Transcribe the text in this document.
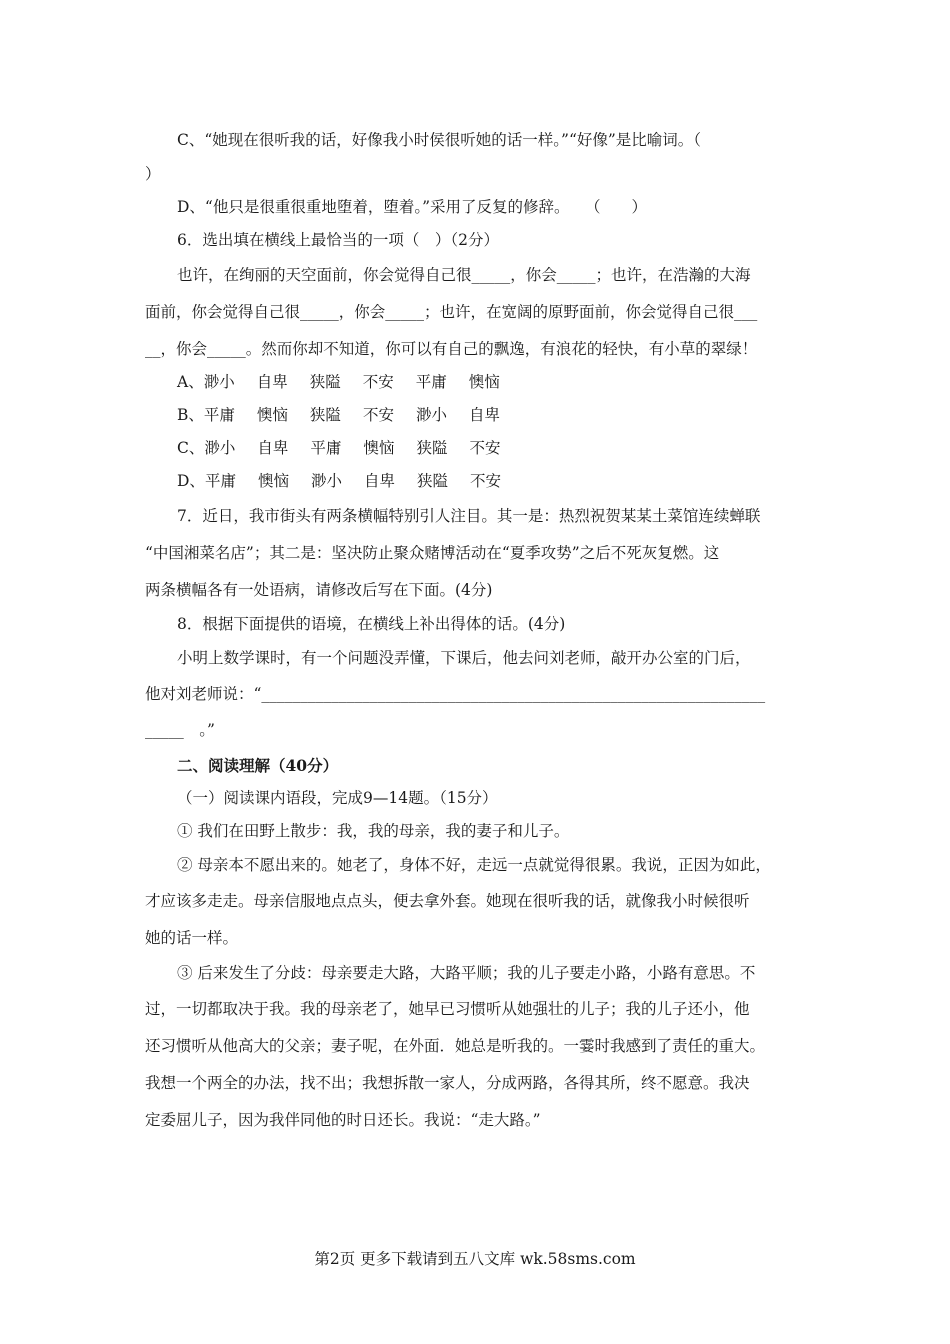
C、“她现在很听我的话，好像我小时侯很听她的话一样。”“好像”是比喻词。（
）
D、“他只是很重很重地堕着，堕着。”采用了反复的修辞。　　（　　）
6．选出填在横线上最恰当的一项（　）（2分）
也许，在绚丽的天空面前，你会觉得自己很_____，你会_____；也许，在浩瀚的大海
面前，你会觉得自己很_____，你会_____；也许，在宽阔的原野面前，你会觉得自己很___
__，你会_____。然而你却不知道，你可以有自己的飘逸，有浪花的轻快，有小草的翠绿！
A、渺小 自卑 狭隘 不安 平庸 懊恼
B、平庸 懊恼 狭隘 不安 渺小 自卑
C、渺小 自卑 平庸 懊恼 狭隘 不安
D、平庸 懊恼 渺小 自卑 狭隘 不安
7．近日，我市街头有两条横幅特别引人注目。其一是：热烈祝贺某某土菜馆连续蝉联
“中国湘菜名店”；其二是：坚决防止聚众赌博活动在“夏季攻势”之后不死灰复燃。这
两条横幅各有一处语病，请修改后写在下面。(4分)
8．根据下面提供的语境，在横线上补出得体的话。(4分)
小明上数学课时，有一个问题没弄懂，下课后，他去问刘老师，敲开办公室的门后，
他对刘老师说：“_________________________________________________________________
_____　。”
二、阅读理解（40分）
（一）阅读课内语段，完成9—14题。（15分）
① 我们在田野上散步：我，我的母亲，我的妻子和儿子。
② 母亲本不愿出来的。她老了，身体不好，走远一点就觉得很累。我说，正因为如此，
才应该多走走。母亲信服地点点头，便去拿外套。她现在很听我的话，就像我小时候很听
她的话一样。
③ 后来发生了分歧：母亲要走大路，大路平顺；我的儿子要走小路，小路有意思。不
过，一切都取决于我。我的母亲老了，她早已习惯听从她强壮的儿子；我的儿子还小，他
还习惯听从他高大的父亲；妻子呢，在外面．她总是听我的。一霎时我感到了责任的重大。
我想一个两全的办法，找不出；我想拆散一家人，分成两路，各得其所，终不愿意。我决
定委屈儿子，因为我伴同他的时日还长。我说：“走大路。”
第2页 更多下载请到五八文库 wk.58sms.com
